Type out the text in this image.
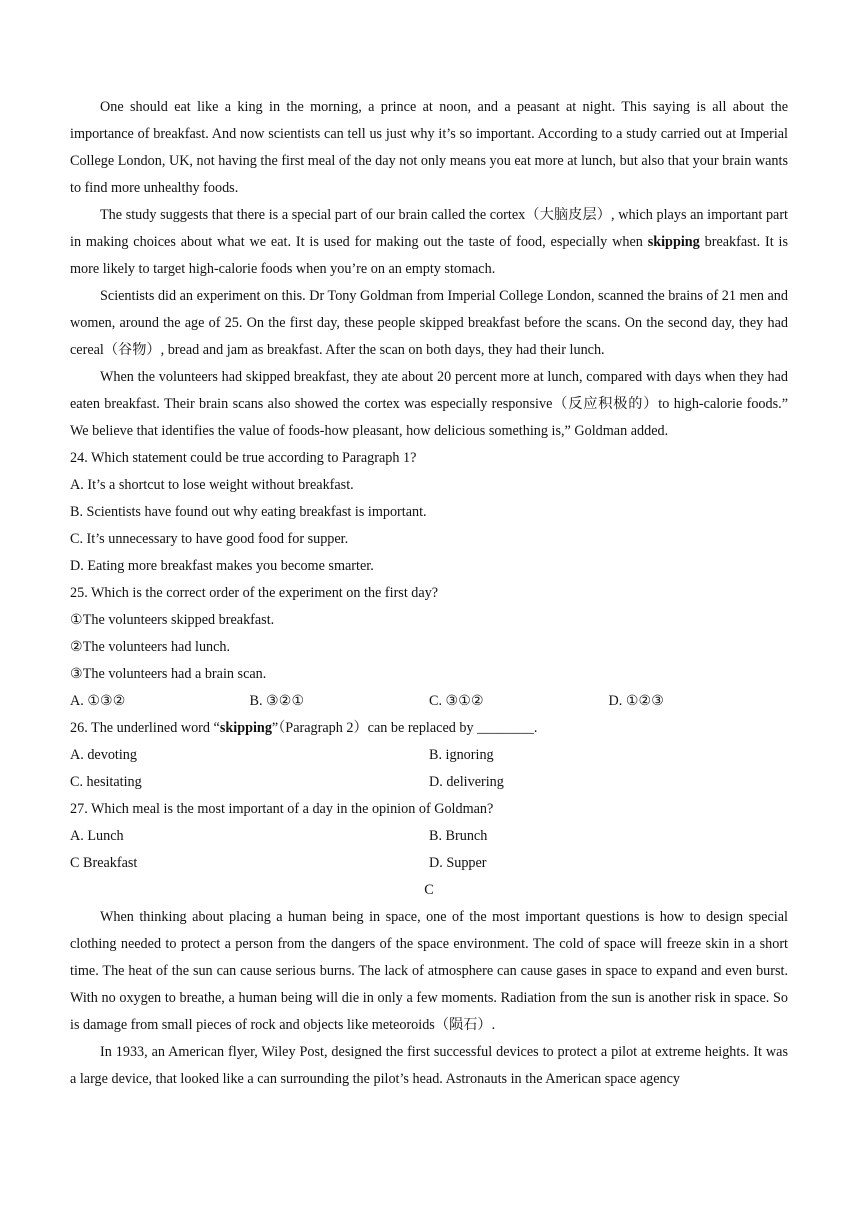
One should eat like a king in the morning, a prince at noon, and a peasant at night. This saying is all about the importance of breakfast. And now scientists can tell us just why it’s so important. According to a study carried out at Imperial College London, UK, not having the first meal of the day not only means you eat more at lunch, but also that your brain wants to find more unhealthy foods.

The study suggests that there is a special part of our brain called the cortex（大脑皮层）, which plays an important part in making choices about what we eat. It is used for making out the taste of food, especially when skipping breakfast. It is more likely to target high-calorie foods when you’re on an empty stomach.

Scientists did an experiment on this. Dr Tony Goldman from Imperial College London, scanned the brains of 21 men and women, around the age of 25. On the first day, these people skipped breakfast before the scans. On the second day, they had cereal（谷物）, bread and jam as breakfast. After the scan on both days, they had their lunch.

When the volunteers had skipped breakfast, they ate about 20 percent more at lunch, compared with days when they had eaten breakfast. Their brain scans also showed the cortex was especially responsive（反应积极的）to high-calorie foods.” We believe that identifies the value of foods-how pleasant, how delicious something is,” Goldman added.

24. Which statement could be true according to Paragraph 1?
A. It’s a shortcut to lose weight without breakfast.
B. Scientists have found out why eating breakfast is important.
C. It’s unnecessary to have good food for supper.
D. Eating more breakfast makes you become smarter.
25. Which is the correct order of the experiment on the first day?
①The volunteers skipped breakfast.
②The volunteers had lunch.
③The volunteers had a brain scan.
A. ①③②	B. ③②①	C. ③①②	D. ①②③
26. The underlined word “skipping”（Paragraph 2）can be replaced by ________.
A. devoting	B. ignoring
C. hesitating	D. delivering
27. Which meal is the most important of a day in the opinion of Goldman?
A. Lunch	B. Brunch
C Breakfast	D. Supper
C

When thinking about placing a human being in space, one of the most important questions is how to design special clothing needed to protect a person from the dangers of the space environment. The cold of space will freeze skin in a short time. The heat of the sun can cause serious burns. The lack of atmosphere can cause gases in space to expand and even burst. With no oxygen to breathe, a human being will die in only a few moments. Radiation from the sun is another risk in space. So is damage from small pieces of rock and objects like meteoroids（陨石）.

In 1933, an American flyer, Wiley Post, designed the first successful devices to protect a pilot at extreme heights. It was a large device, that looked like a can surrounding the pilot’s head. Astronauts in the American space agency
